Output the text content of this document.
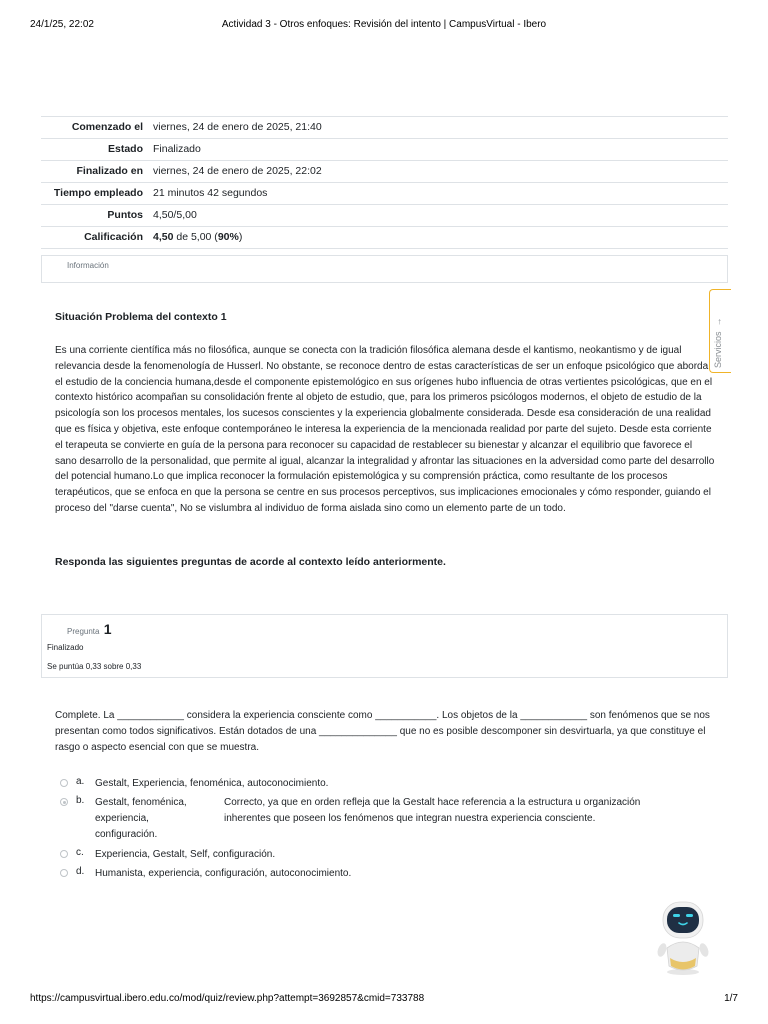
24/1/25, 22:02	Actividad 3 - Otros enfoques: Revisión del intento | CampusVirtual - Ibero
Comenzado el	viernes, 24 de enero de 2025, 21:40
Estado	Finalizado
Finalizado en	viernes, 24 de enero de 2025, 22:02
Tiempo empleado	21 minutos 42 segundos
Puntos	4,50/5,00
Calificación	4,50 de 5,00 (90%)
Información
Servicios  →
Situación Problema del contexto 1

Es una corriente científica más no filosófica, aunque se conecta con la tradición filosófica alemana desde el kantismo, neokantismo y de igual relevancia desde la fenomenología de Husserl. No obstante, se reconoce dentro de estas características de ser un enfoque psicológico que aborda el estudio de la conciencia humana,desde el componente epistemológico en sus orígenes hubo influencia de otras vertientes psicológicas, que en el contexto histórico acompañan su consolidación frente al objeto de estudio, que, para los primeros psicólogos modernos, el objeto de estudio de la psicología son los procesos mentales, los sucesos conscientes y la experiencia globalmente considerada. Desde esa consideración de una realidad que es física y objetiva, este enfoque contemporáneo le interesa la experiencia de la mencionada realidad por parte del sujeto. Desde esta corriente el terapeuta se convierte en guía de la persona para reconocer su capacidad de restablecer su bienestar y alcanzar el equilibrio que favorece el sano desarrollo de la personalidad, que permite al igual, alcanzar la integralidad y afrontar las situaciones en la adversidad como parte del desarrollo del potencial humano.Lo que implica reconocer la formulación epistemológica y su comprensión práctica, como resultante de los procesos terapéuticos, que se enfoca en que la persona se centre en sus procesos perceptivos, sus implicaciones emocionales y cómo responder, guiando el proceso del "darse cuenta", No se vislumbra al individuo de forma aislada sino como un elemento parte de un todo.

Responda las siguientes preguntas de acorde al contexto leído anteriormente.
Pregunta 1
Finalizado
Se puntúa 0,33 sobre 0,33

Complete. La ____________ considera la experiencia consciente como ___________. Los objetos de la ____________ son fenómenos que se nos presentan como todos significativos. Están dotados de una ______________ que no es posible descomponer sin desvirtuarla, ya que constituye el rasgo o aspecto esencial con que se muestra.

a. Gestalt, Experiencia, fenoménica, autoconocimiento.
b. Gestalt, fenoménica,
experiencia,
configuración.
Correcto, ya que en orden refleja que la Gestalt hace referencia a la estructura u organización inherentes que poseen los fenómenos que integran nuestra experiencia consciente.
c. Experiencia, Gestalt, Self, configuración.
d. Humanista, experiencia, configuración, autoconocimiento.
https://campusvirtual.ibero.edu.co/mod/quiz/review.php?attempt=3692857&cmid=733788	1/7
